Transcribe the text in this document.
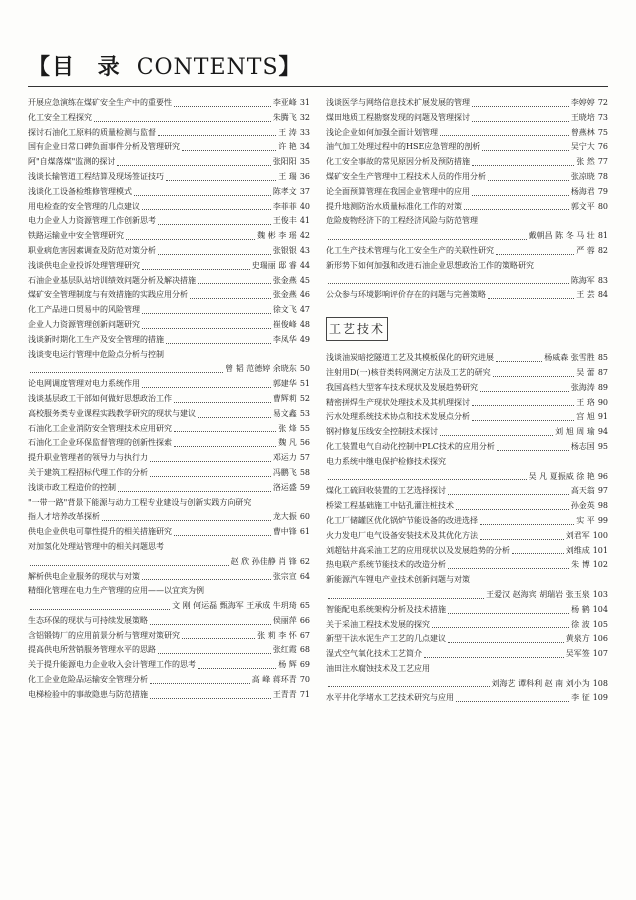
【目 录 CONTENTS】
开展应急演练在煤矿安全生产中的重要性	李亚峰 31
化工安全工程探究	朱腾飞 32
探讨石油化工原料的质量检测与监督	王 涛 33
国有企业日常口碑负面事件分析及管理研究	许 艳 34
阿"自煤落煤"监测的探讨	张阳阳 35
浅谈长输管道工程结算及现场签证技巧	王 瑞 36
浅谈化工设备检维修管理模式	陈孝文 37
用电检查的安全管理的几点建议	李菲菲 40
电力企业人力资源管理工作创新思考	王俊丰 41
铁路运输业中安全管理研究	魏 彬 李 瑶 42
职业病危害因素调查及防范对策分析	张银银 43
浅谈供电企业投诉处理管理研究	史瑞丽 邸 睿 44
石油企业基层队站培训绩效问题分析及解决措施	张金燕 45
煤矿安全管理制度与有效措施的实践应用分析	张金燕 46
化工产品进口贸易中的风险管理	徐文飞 47
企业人力资源管理创新问题研究	崔俊峰 48
浅谈新时期化工生产及安全管理的措施	李凤华 49
浅谈变电运行管理中危险点分析与控制
曾 韬 范德婷 余晓东 50
论电网调度管理对电力系统作用	郭建华 51
浅谈基层政工干部如何做好思想政治工作	曹辉莉 52
高校服务类专业课程实践教学研究的现状与建议	易文鑫 53
石油化工企业消防安全管理技术应用研究	张 烽 55
石油化工企业环保监督管理的创新性探索	魏 凡 56
提升职业管理者的领导力与执行力	邓运力 57
关于建筑工程招标代理工作的分析	冯鹏飞 58
浅谈市政工程造价的控制	洛运盛 59
"一带一路"背景下能源与动力工程专业建设与创新实践方向研究
指人才培养改革探析	龙大振 60
供电企业供电可靠性提升的相关措施研究	曹中锋 61
对加氢化处理站管理中的相关问题思考
赵 欣 孙佳静 肖 锋 62
解析供电企业服务的现状与对策	张宗宣 64
精细化管理在电力生产管理的应用——以宜宾为例
文 刚 何运磊 甄海军 王承成 牛玥琦 65
生态环保的现状与可持续发展策略	侯丽萍 66
含铝锻铸厂的应用前景分析与管理对策研究	张 莉 李 怀 67
提高供电所营销服务管理水平的思路	张红霞 68
关于提升能源电力企业收入会计管理工作的思考	杨 辉 69
化工企业危险品运输安全管理分析	高 峰 蒋环青 70
电梯检验中的事故隐患与防范措施	王青青 71
浅谈医学与网络信息技术扩展发展的管理	李婷婷 72
煤田地质工程勘察发现的问题及管理探讨	王晓培 73
浅论企业如何加强全面计划管理	曾燕林 75
油气加工处理过程中的HSE应急管理的剖析	吴宁大 76
化工安全事故的常见原因分析及预防措施	张 然 77
煤矿安全生产管理中工程技术人员的作用分析	张凉晓 78
论全面预算管理在我国企业管理中的应用	杨海君 79
提升地测防治水质量标准化工作的对策	郭文平 80
危险废物经济下的工程经济风险与防范管理
戴朝昌 陈 冬 马 壮 81
化工生产技术管理与化工安全生产的关联性研究	严 蓉 82
新形势下如何加强和改进石油企业思想政治工作的策略研究
陈海军 83
公众参与环境影响评价存在的问题与完善策略	王 芸 84
工艺技术
浅谈油炭暗挖隧道工艺及其模板保化的研究进展	杨威森 张雪胜 85
注射用D(一)核苷类转网测定方法及工艺的研究	吴 蕾 87
我国高档大型客车技术现状及发展趋势研究	张海涛 89
精密拼焊生产现状处理技术及其机理探讨	王 珞 90
污水处理系统技术协点和技术发展点分析	宫 旭 91
钢衬修复压线安全控制技术探讨	刘 旭 周 瑜 94
化工装置电气自动化控制中PLC技术的应用分析	杨志国 95
电力系统中继电保护检修技术探究
吴 凡 夏振威 徐 艳 96
煤化工硫回收装置的工艺选择探讨	高天翁 97
桥梁工程基础施工中钻孔灌注桩技术	孙金英 98
化工厂储罐区优化锅炉节能设备的改进选择	实 平 99
火力发电厂电气设备安装技术及其优化方法	刘君军 100
刘超钻井高采油工艺的应用现状以及发展趋势的分析	刘维成 101
热电联产系统节能技术的改造分析	朱 博 102
新能源汽车锂电产业技术创新问题与对策
王爱汉 赵海宾 胡瑞岩 张玉泉 103
智能配电系统架构分析及技术措施	杨 鹤 104
关于采油工程技术发展的探究	徐 波 105
新型干法水泥生产工艺的几点建议	黄泉方 106
湿式空气氧化技术工艺简介	吴军签 107
油田注水腐蚀技术及工艺应用
刘海艺 谭科利 赵 南 刘小为 108
水平井化学堵水工艺技术研究与应用	李 征 109
